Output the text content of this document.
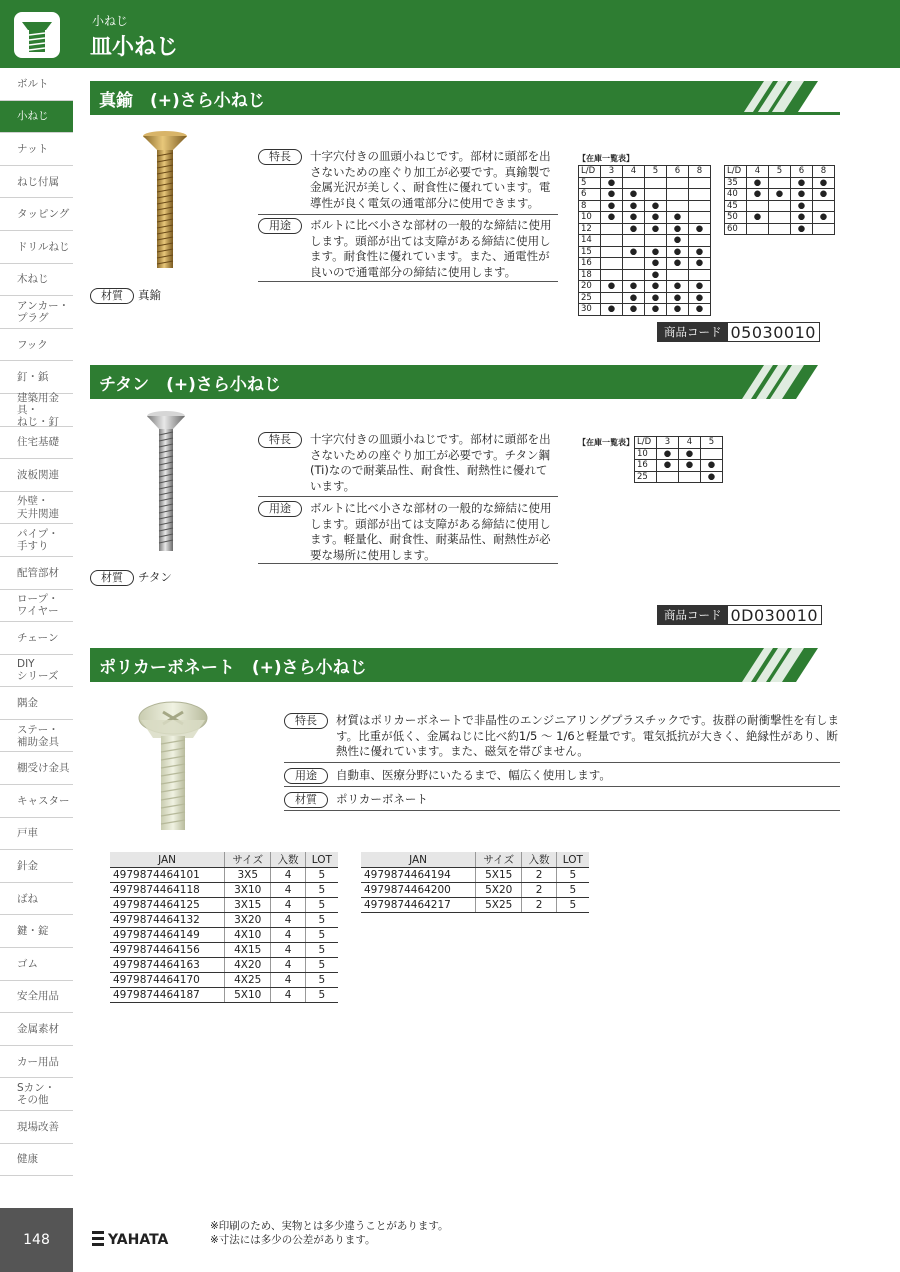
小ねじ
皿小ねじ
ボルト
小ねじ
ナット
ねじ付属
タッピング
ドリルねじ
木ねじ
アンカー・
プラグ
フック
釘・鋲
建築用金具・
ねじ・釘
住宅基礎
波板関連
外壁・
天井関連
パイプ・
手すり
配管部材
ロープ・
ワイヤー
チェーン
DIY
シリーズ
隅金
ステー・
補助金具
棚受け金具
キャスター
戸車
針金
ばね
鍵・錠
ゴム
安全用品
金属素材
カー用品
Sカン・
その他
現場改善
健康
148
真鍮　(+)さら小ねじ
材質 真鍮
特長	十字穴付きの皿頭小ねじです。部材に頭部を出さないための座ぐり加工が必要です。真鍮製で金属光沢が美しく、耐食性に優れています。電導性が良く電気の通電部分に使用できます。
用途	ボルトに比べ小さな部材の一般的な締結に使用します。頭部が出ては支障がある締結に使用します。耐食性に優れています。また、通電性が良いので通電部分の締結に使用します。
【在庫一覧表】
L/D	3	4	5	6	8
5	●				
6	●	●			
8	●	●	●		
10	●	●	●	●	
12		●	●	●	●
14				●	
15		●	●	●	●
16			●	●	●
18			●		
20	●	●	●	●	●
25		●	●	●	●
30	●	●	●	●	●
L/D	4	5	6	8
35	●		●	●
40	●	●	●	●
45			●	
50	●		●	●
60			●	
商品コード 05030010
チタン　(+)さら小ねじ
材質 チタン
特長	十字穴付きの皿頭小ねじです。部材に頭部を出さないための座ぐり加工が必要です。チタン鋼(Ti)なので耐薬品性、耐食性、耐熱性に優れています。
用途	ボルトに比べ小さな部材の一般的な締結に使用します。頭部が出ては支障がある締結に使用します。軽量化、耐食性、耐薬品性、耐熱性が必要な場所に使用します。
【在庫一覧表】 L/D	3	4	5
10	●	●	
16	●	●	●
25			●
商品コード 0D030010
ポリカーボネート　(+)さら小ねじ
特長	材質はポリカーボネートで非晶性のエンジニアリングプラスチックです。抜群の耐衝撃性を有します。比重が低く、金属ねじに比べ約1/5 ～ 1/6と軽量です。電気抵抗が大きく、絶縁性があり、断熱性に優れています。また、磁気を帯びません。
用途	自動車、医療分野にいたるまで、幅広く使用します。
材質	ポリカーボネート
JAN	サイズ	入数	LOT
4979874464101	3X5	4	5
4979874464118	3X10	4	5
4979874464125	3X15	4	5
4979874464132	3X20	4	5
4979874464149	4X10	4	5
4979874464156	4X15	4	5
4979874464163	4X20	4	5
4979874464170	4X25	4	5
4979874464187	5X10	4	5
JAN	サイズ	入数	LOT
4979874464194	5X15	2	5
4979874464200	5X20	2	5
4979874464217	5X25	2	5
YAHATA
※印刷のため、実物とは多少違うことがあります。
※寸法には多少の公差があります。
